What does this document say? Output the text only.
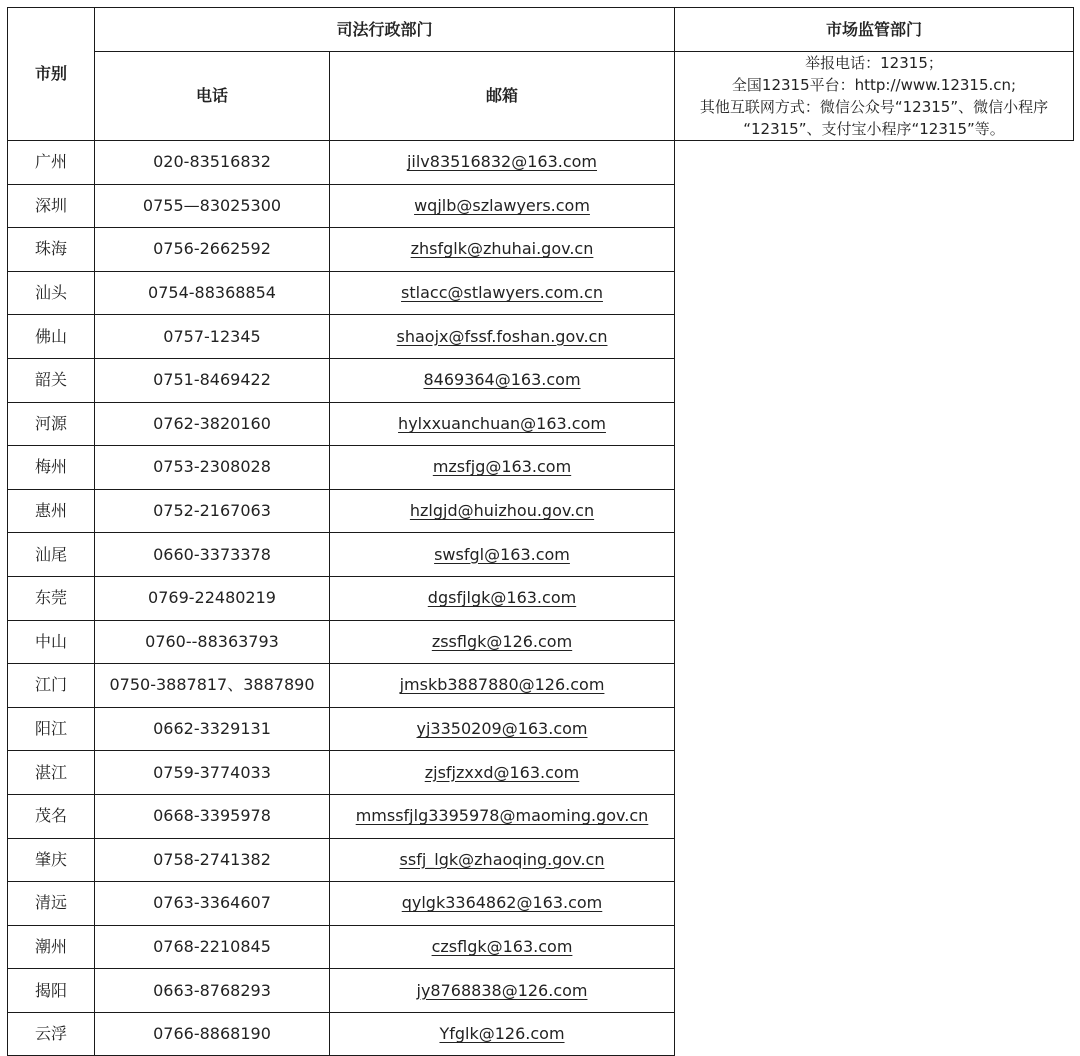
市别	司法行政部门		市场监管部门
	电话	邮箱	举报电话：12315；
全国12315平台：http://www.12315.cn;
其他互联网方式：微信公众号“12315”、微信小程序
“12315”、支付宝小程序“12315”等。

广州	020-83516832	jilv83516832@163.com	
深圳	0755—83025300	wqjlb@szlawyers.com	
珠海	0756-2662592	zhsfglk@zhuhai.gov.cn	
汕头	0754-88368854	stlacc@stlawyers.com.cn	
佛山	0757-12345	shaojx@fssf.foshan.gov.cn	
韶关	0751-8469422	8469364@163.com	
河源	0762-3820160	hylxxuanchuan@163.com	
梅州	0753-2308028	mzsfjg@163.com	
惠州	0752-2167063	hzlgjd@huizhou.gov.cn	
汕尾	0660-3373378	swsfgl@163.com	
东莞	0769-22480219	dgsfjlgk@163.com	
中山	0760--88363793	zssflgk@126.com	
江门	0750-3887817、3887890	jmskb3887880@126.com	
阳江	0662-3329131	yj3350209@163.com	
湛江	0759-3774033	zjsfjzxxd@163.com	
茂名	0668-3395978	mmssfjlg3395978@maoming.gov.cn	
肇庆	0758-2741382	ssfj_lgk@zhaoqing.gov.cn	
清远	0763-3364607	qylgk3364862@163.com	
潮州	0768-2210845	czsflgk@163.com	
揭阳	0663-8768293	jy8768838@126.com	
云浮	0766-8868190	Yfglk@126.com	
